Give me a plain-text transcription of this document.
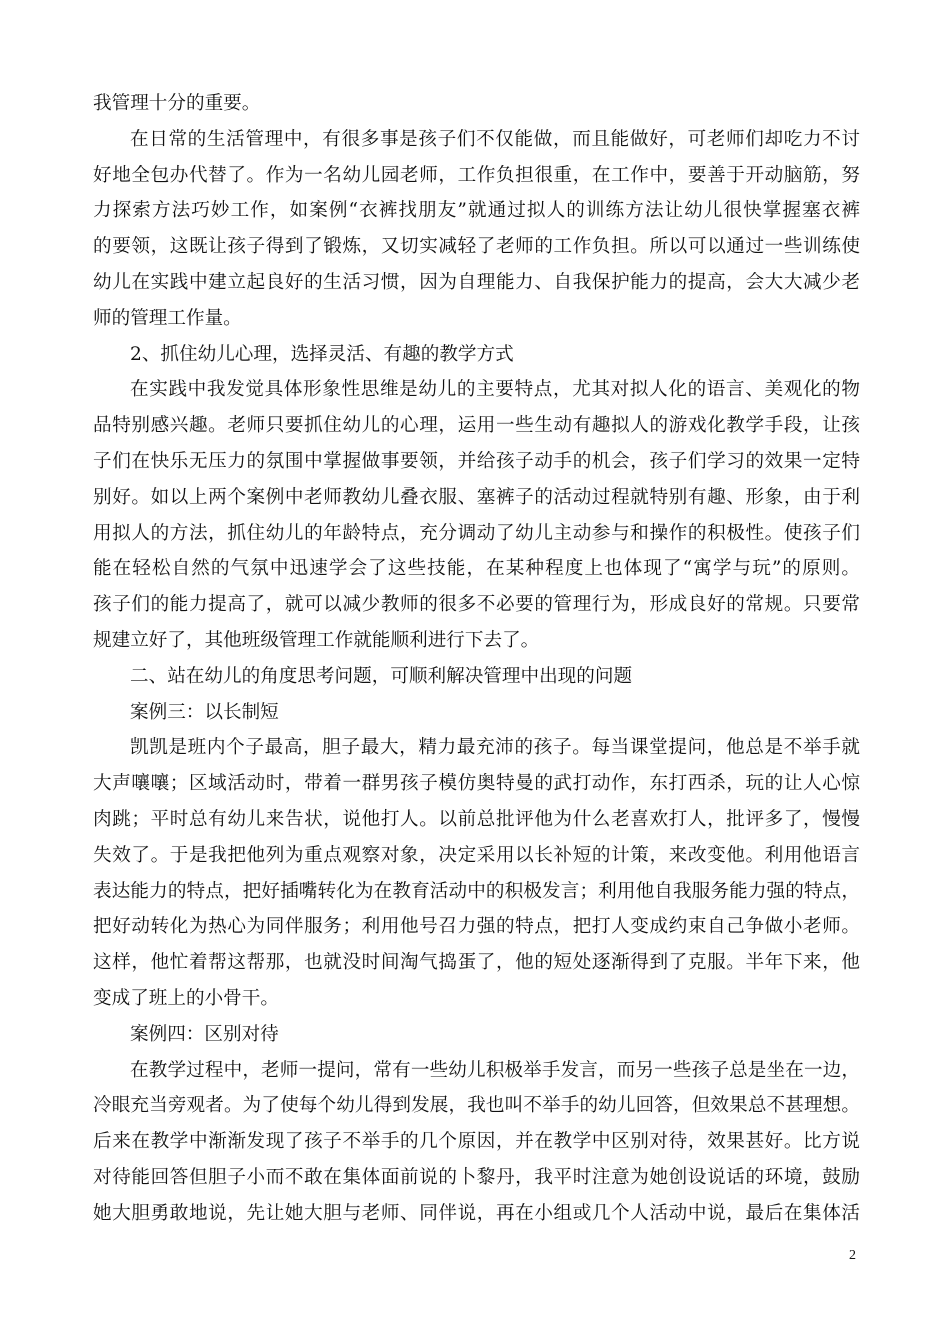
我管理十分的重要。
在日常的生活管理中，有很多事是孩子们不仅能做，而且能做好，可老师们却吃力不讨
好地全包办代替了。作为一名幼儿园老师，工作负担很重，在工作中，要善于开动脑筋，努
力探索方法巧妙工作，如案例“衣裤找朋友”就通过拟人的训练方法让幼儿很快掌握塞衣裤
的要领，这既让孩子得到了锻炼，又切实减轻了老师的工作负担。所以可以通过一些训练使
幼儿在实践中建立起良好的生活习惯，因为自理能力、自我保护能力的提高，会大大减少老
师的管理工作量。
2、抓住幼儿心理，选择灵活、有趣的教学方式
在实践中我发觉具体形象性思维是幼儿的主要特点，尤其对拟人化的语言、美观化的物
品特别感兴趣。老师只要抓住幼儿的心理，运用一些生动有趣拟人的游戏化教学手段，让孩
子们在快乐无压力的氛围中掌握做事要领，并给孩子动手的机会，孩子们学习的效果一定特
别好。如以上两个案例中老师教幼儿叠衣服、塞裤子的活动过程就特别有趣、形象，由于利
用拟人的方法，抓住幼儿的年龄特点，充分调动了幼儿主动参与和操作的积极性。使孩子们
能在轻松自然的气氛中迅速学会了这些技能，在某种程度上也体现了“寓学与玩”的原则。
孩子们的能力提高了，就可以减少教师的很多不必要的管理行为，形成良好的常规。只要常
规建立好了，其他班级管理工作就能顺利进行下去了。
二、站在幼儿的角度思考问题，可顺利解决管理中出现的问题
案例三：以长制短
凯凯是班内个子最高，胆子最大，精力最充沛的孩子。每当课堂提问，他总是不举手就
大声嚷嚷；区域活动时，带着一群男孩子模仿奥特曼的武打动作，东打西杀，玩的让人心惊
肉跳；平时总有幼儿来告状，说他打人。以前总批评他为什么老喜欢打人，批评多了，慢慢
失效了。于是我把他列为重点观察对象，决定采用以长补短的计策，来改变他。利用他语言
表达能力的特点，把好插嘴转化为在教育活动中的积极发言；利用他自我服务能力强的特点，
把好动转化为热心为同伴服务；利用他号召力强的特点，把打人变成约束自己争做小老师。
这样，他忙着帮这帮那，也就没时间淘气捣蛋了，他的短处逐渐得到了克服。半年下来，他
变成了班上的小骨干。
案例四：区别对待
在教学过程中，老师一提问，常有一些幼儿积极举手发言，而另一些孩子总是坐在一边，
冷眼充当旁观者。为了使每个幼儿得到发展，我也叫不举手的幼儿回答，但效果总不甚理想。
后来在教学中渐渐发现了孩子不举手的几个原因，并在教学中区别对待，效果甚好。比方说
对待能回答但胆子小而不敢在集体面前说的卜黎丹，我平时注意为她创设说话的环境，鼓励
她大胆勇敢地说，先让她大胆与老师、同伴说，再在小组或几个人活动中说，最后在集体活
2
